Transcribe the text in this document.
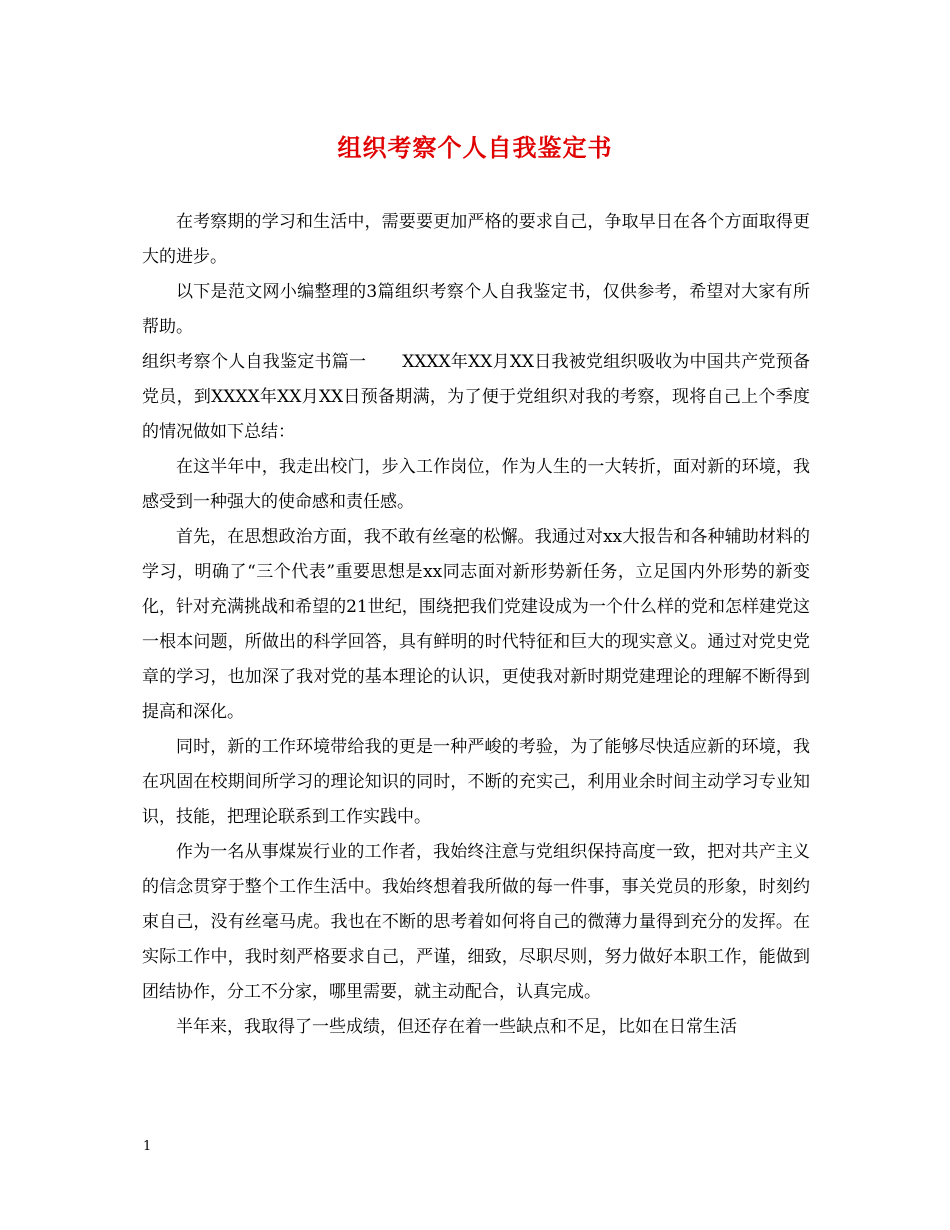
组织考察个人自我鉴定书

在考察期的学习和生活中，需要要更加严格的要求自己，争取早日在各个方面取得更大的进步。

以下是范文网小编整理的3篇组织考察个人自我鉴定书，仅供参考，希望对大家有所帮助。

组织考察个人自我鉴定书篇一 XXXX年XX月XX日我被党组织吸收为中国共产党预备党员，到XXXX年XX月XX日预备期满，为了便于党组织对我的考察，现将自己上个季度的情况做如下总结：

在这半年中，我走出校门，步入工作岗位，作为人生的一大转折，面对新的环境，我感受到一种强大的使命感和责任感。

首先，在思想政治方面，我不敢有丝毫的松懈。我通过对xx大报告和各种辅助材料的学习，明确了“三个代表”重要思想是xx同志面对新形势新任务，立足国内外形势的新变化，针对充满挑战和希望的21世纪，围绕把我们党建设成为一个什么样的党和怎样建党这一根本问题，所做出的科学回答，具有鲜明的时代特征和巨大的现实意义。通过对党史党章的学习，也加深了我对党的基本理论的认识，更使我对新时期党建理论的理解不断得到提高和深化。

同时，新的工作环境带给我的更是一种严峻的考验，为了能够尽快适应新的环境，我在巩固在校期间所学习的理论知识的同时，不断的充实己，利用业余时间主动学习专业知识，技能，把理论联系到工作实践中。

作为一名从事煤炭行业的工作者，我始终注意与党组织保持高度一致，把对共产主义的信念贯穿于整个工作生活中。我始终想着我所做的每一件事，事关党员的形象，时刻约束自己，没有丝毫马虎。我也在不断的思考着如何将自己的微薄力量得到充分的发挥。在实际工作中，我时刻严格要求自己，严谨，细致，尽职尽则，努力做好本职工作，能做到团结协作，分工不分家，哪里需要，就主动配合，认真完成。

半年来，我取得了一些成绩，但还存在着一些缺点和不足，比如在日常生活

1
